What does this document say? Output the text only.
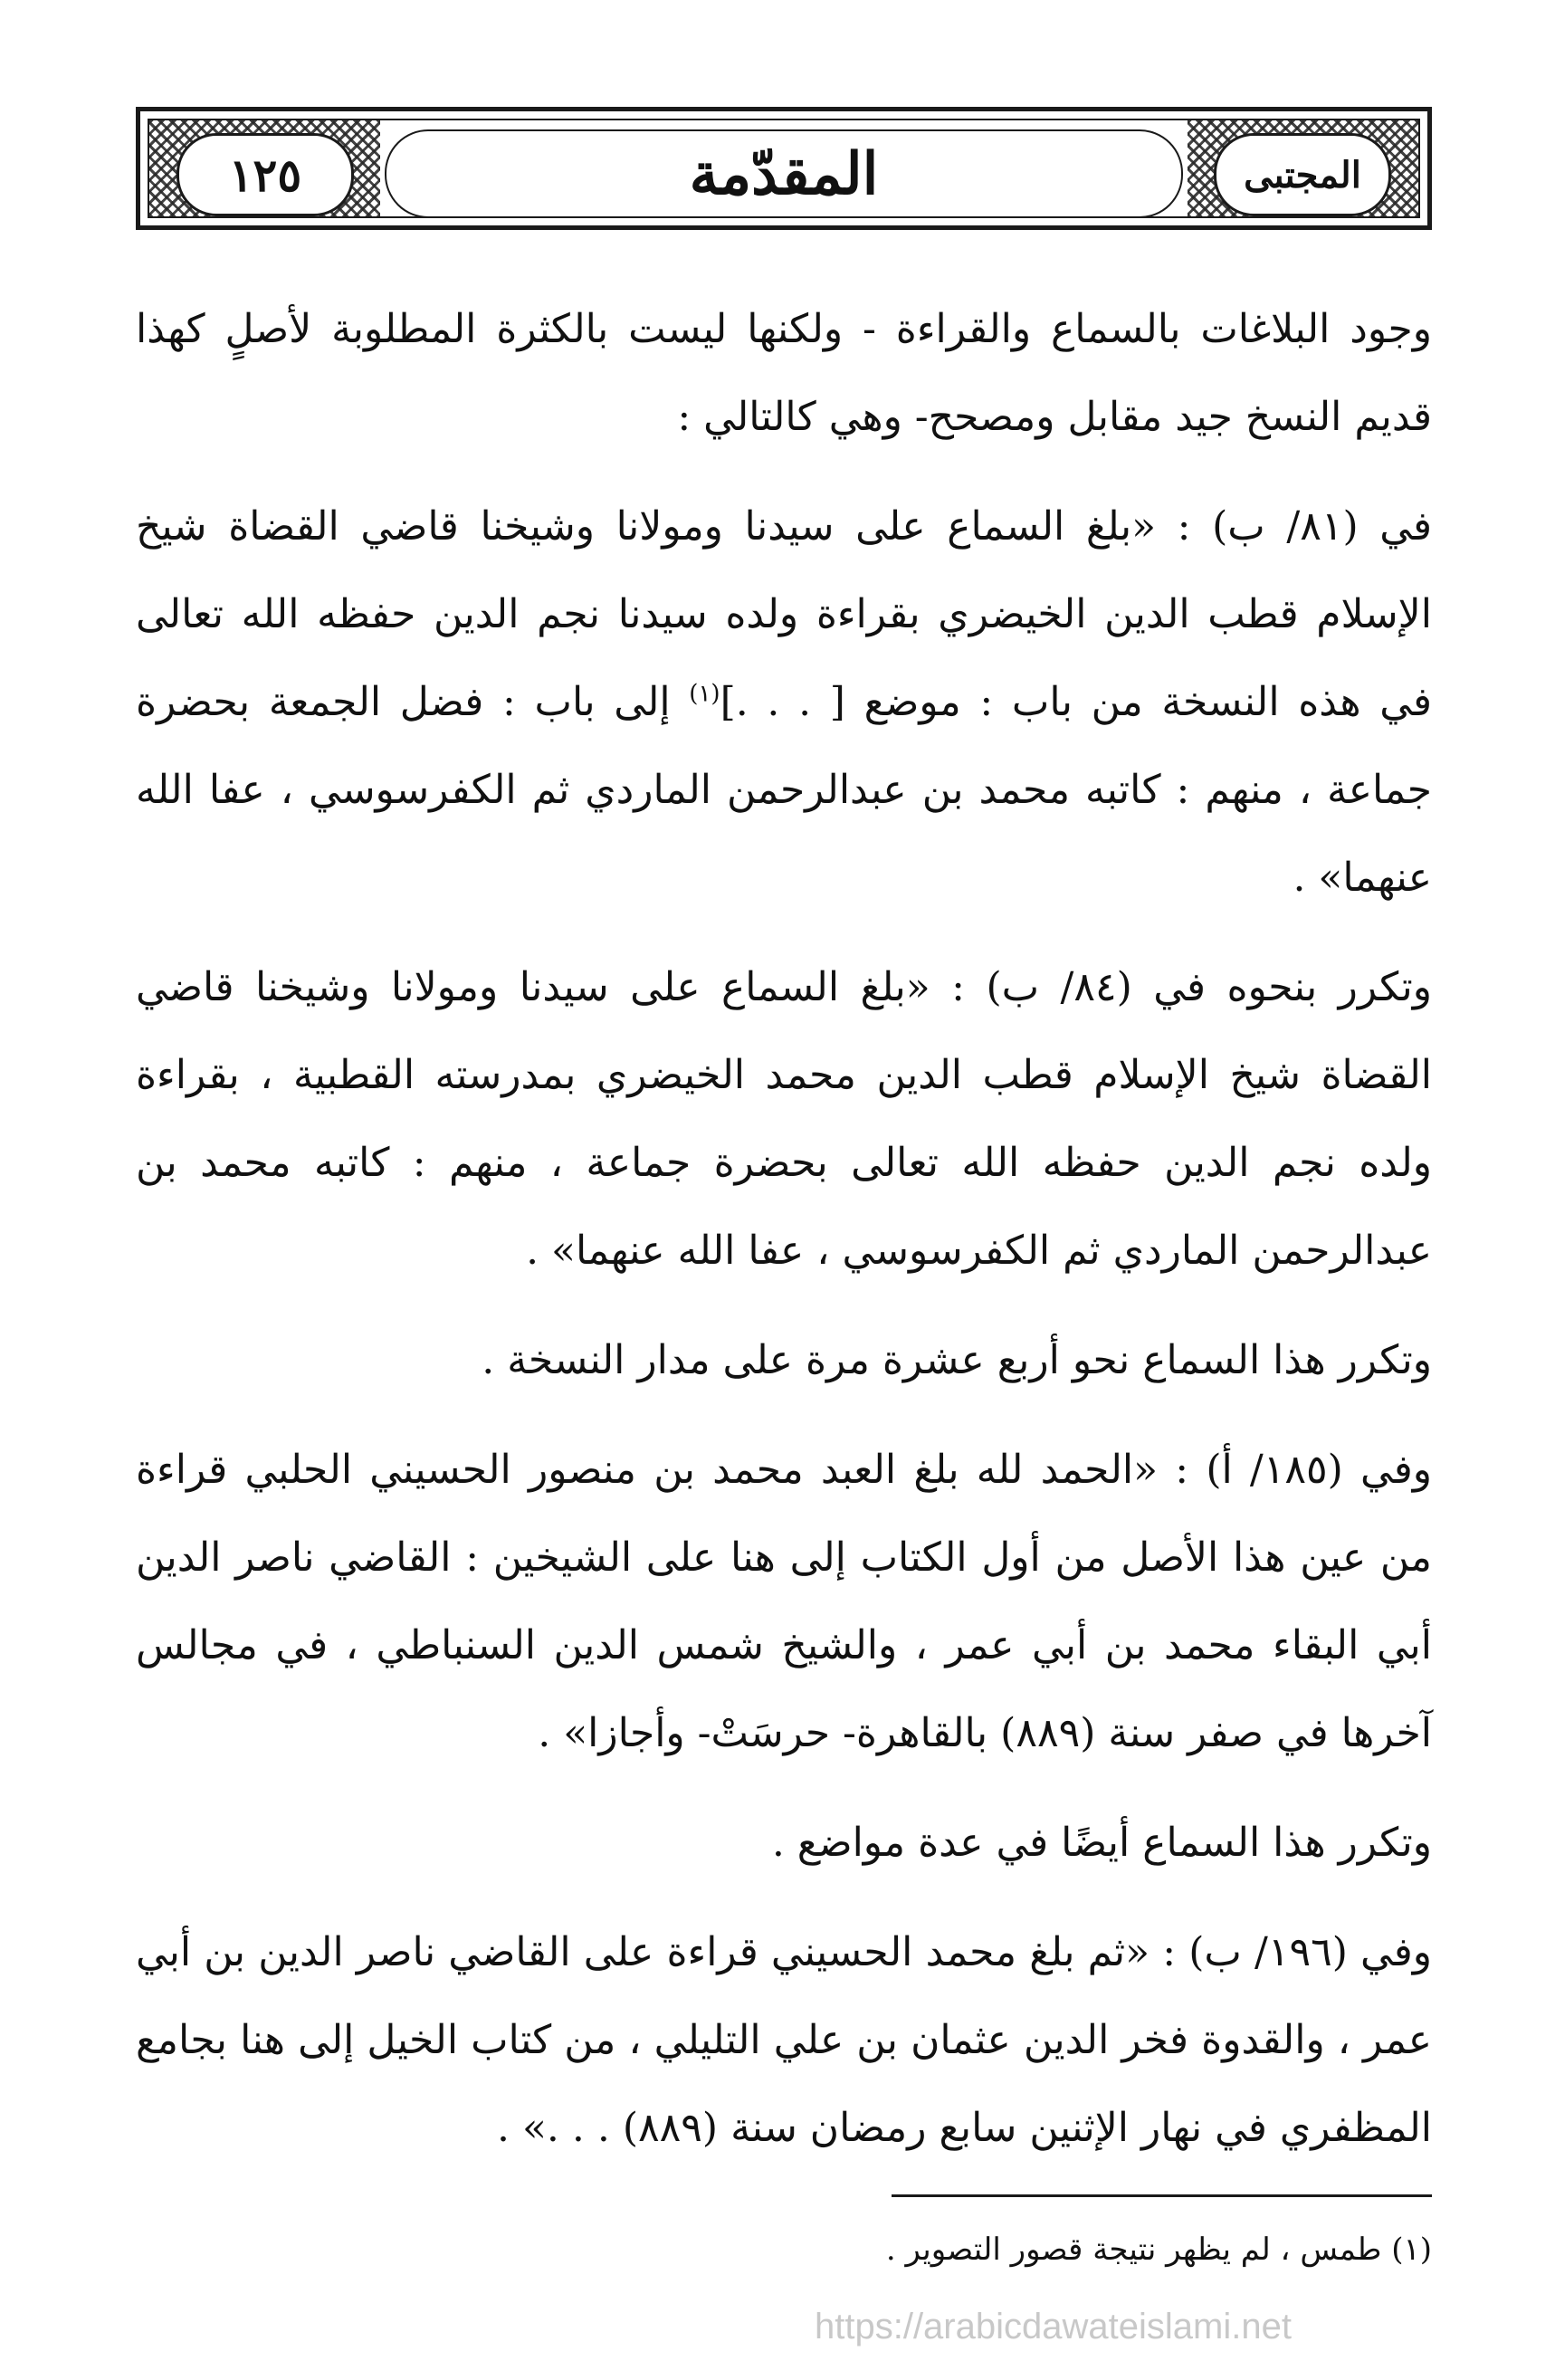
١٢٥	المقدّمة	المجتبى

وجود البلاغات بالسماع والقراءة - ولكنها ليست بالكثرة المطلوبة لأصلٍ كهذا قديم النسخ جيد مقابل ومصحح- وهي كالتالي :

في (٨١/ ب) : «بلغ السماع على سيدنا ومولانا وشيخنا قاضي القضاة شيخ الإسلام قطب الدين الخيضري بقراءة ولده سيدنا نجم الدين حفظه الله تعالى في هذه النسخة من باب : موضع [ . . .]$^{(١)}$ إلى باب : فضل الجمعة بحضرة جماعة ، منهم : كاتبه محمد بن عبدالرحمن الماردي ثم الكفرسوسي ، عفا الله عنهما» .

وتكرر بنحوه في (٨٤/ ب) : «بلغ السماع على سيدنا ومولانا وشيخنا قاضي القضاة شيخ الإسلام قطب الدين محمد الخيضري بمدرسته القطبية ، بقراءة ولده نجم الدين حفظه الله تعالى بحضرة جماعة ، منهم : كاتبه محمد بن عبدالرحمن الماردي ثم الكفرسوسي ، عفا الله عنهما» .

وتكرر هذا السماع نحو أربع عشرة مرة على مدار النسخة .

وفي (١٨٥/ أ) : «الحمد لله بلغ العبد محمد بن منصور الحسيني الحلبي قراءة من عين هذا الأصل من أول الكتاب إلى هنا على الشيخين : القاضي ناصر الدين أبي البقاء محمد بن أبي عمر ، والشيخ شمس الدين السنباطي ، في مجالس آخرها في صفر سنة (٨٨٩) بالقاهرة- حرسَتْ- وأجازا» .

وتكرر هذا السماع أيضًا في عدة مواضع .

وفي (١٩٦/ ب) : «ثم بلغ محمد الحسيني قراءة على القاضي ناصر الدين بن أبي عمر ، والقدوة فخر الدين عثمان بن علي التليلي ، من كتاب الخيل إلى هنا بجامع المظفري في نهار الإثنين سابع رمضان سنة (٨٨٩) . . .» .

(١) طمس ، لم يظهر نتيجة قصور التصوير .
https://arabicdawateislami.net
